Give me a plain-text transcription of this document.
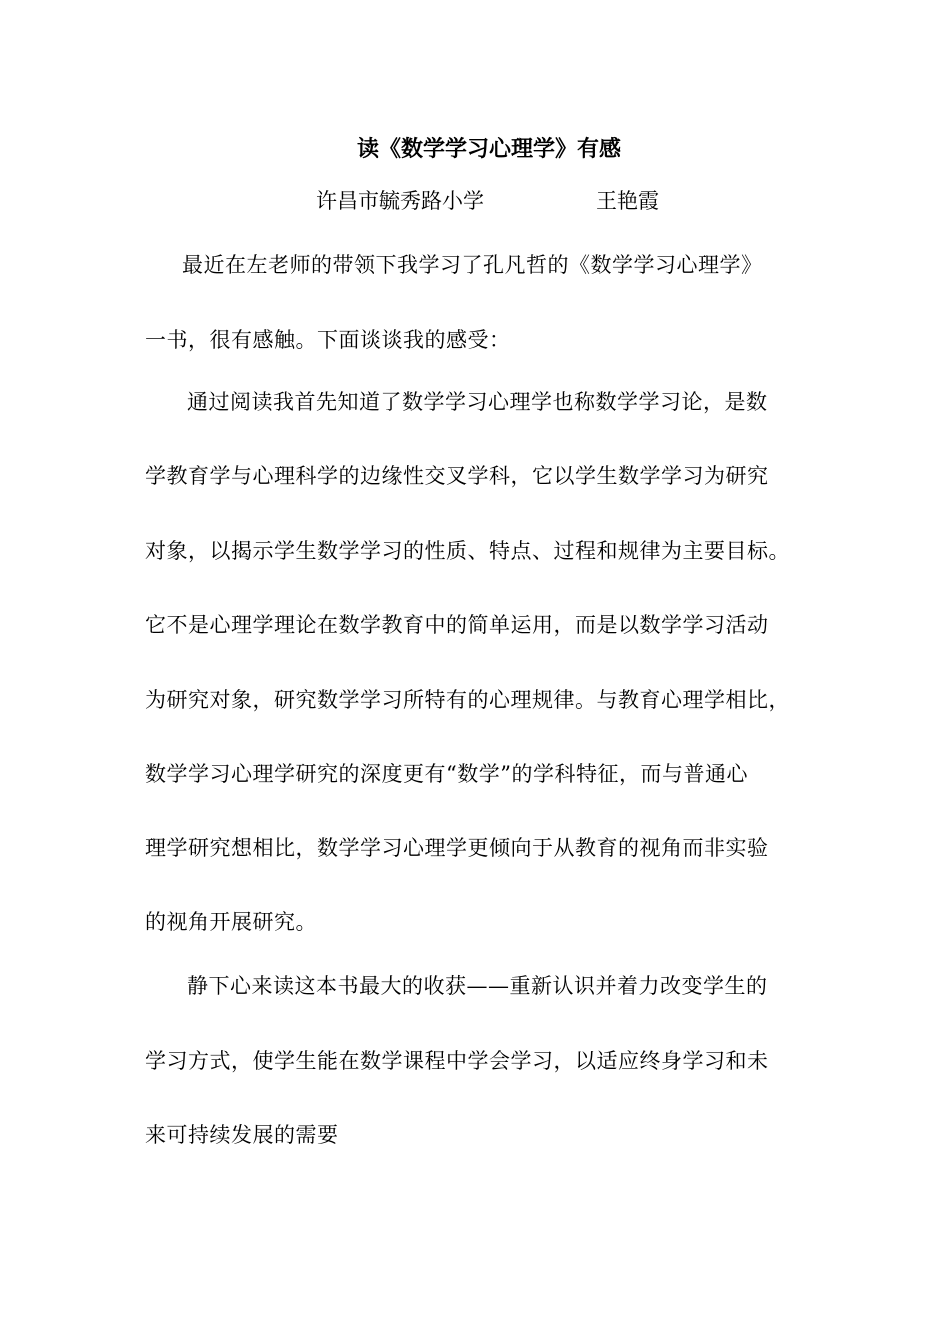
读《数学学习心理学》有感
许昌市毓秀路小学	王艳霞
最近在左老师的带领下我学习了孔凡哲的《数学学习心理学》
一书，很有感触。下面谈谈我的感受：
通过阅读我首先知道了数学学习心理学也称数学学习论，是数
学教育学与心理科学的边缘性交叉学科，它以学生数学学习为研究
对象，以揭示学生数学学习的性质、特点、过程和规律为主要目标。
它不是心理学理论在数学教育中的简单运用，而是以数学学习活动
为研究对象，研究数学学习所特有的心理规律。与教育心理学相比，
数学学习心理学研究的深度更有“数学”的学科特征，而与普通心
理学研究想相比，数学学习心理学更倾向于从教育的视角而非实验
的视角开展研究。
静下心来读这本书最大的收获——重新认识并着力改变学生的
学习方式，使学生能在数学课程中学会学习，以适应终身学习和未
来可持续发展的需要
